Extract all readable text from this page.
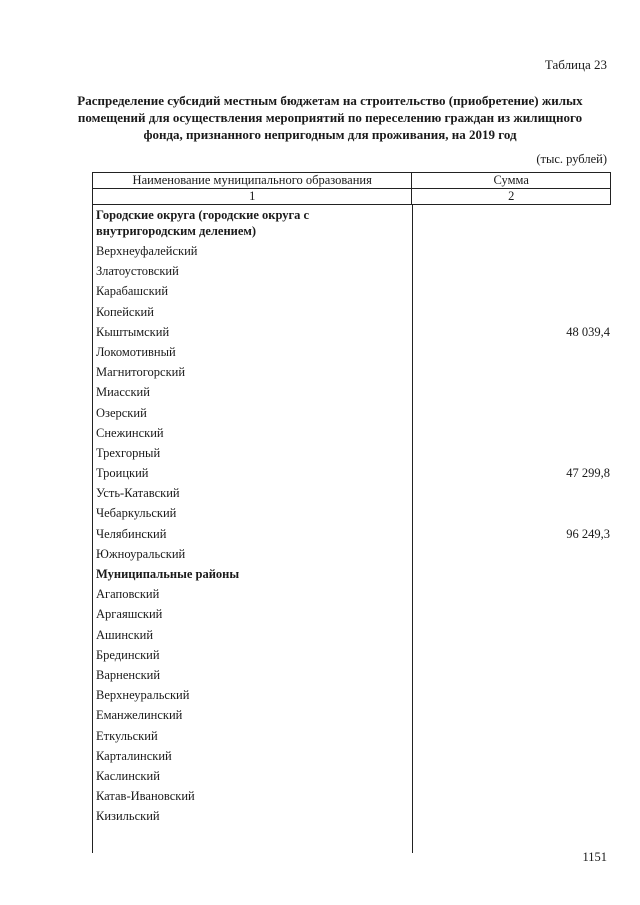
Таблица 23
Распределение субсидий местным бюджетам на строительство (приобретение) жилых помещений для осуществления мероприятий по переселению граждан из жилищного фонда, признанного непригодным для проживания, на 2019 год
(тыс. рублей)
Наименование муниципального образования	Сумма
1	2
Городские округа (городские округа с внутригородским делением)
Верхнеуфалейский
Златоустовский
Карабашский
Копейский
Кыштымский	48 039,4
Локомотивный
Магнитогорский
Миасский
Озерский
Снежинский
Трехгорный
Троицкий	47 299,8
Усть-Катавский
Чебаркульский
Челябинский	96 249,3
Южноуральский
Муниципальные районы
Агаповский
Аргаяшский
Ашинский
Брединский
Варненский
Верхнеуральский
Еманжелинский
Еткульский
Карталинский
Каслинский
Катав-Ивановский
Кизильский
1151
